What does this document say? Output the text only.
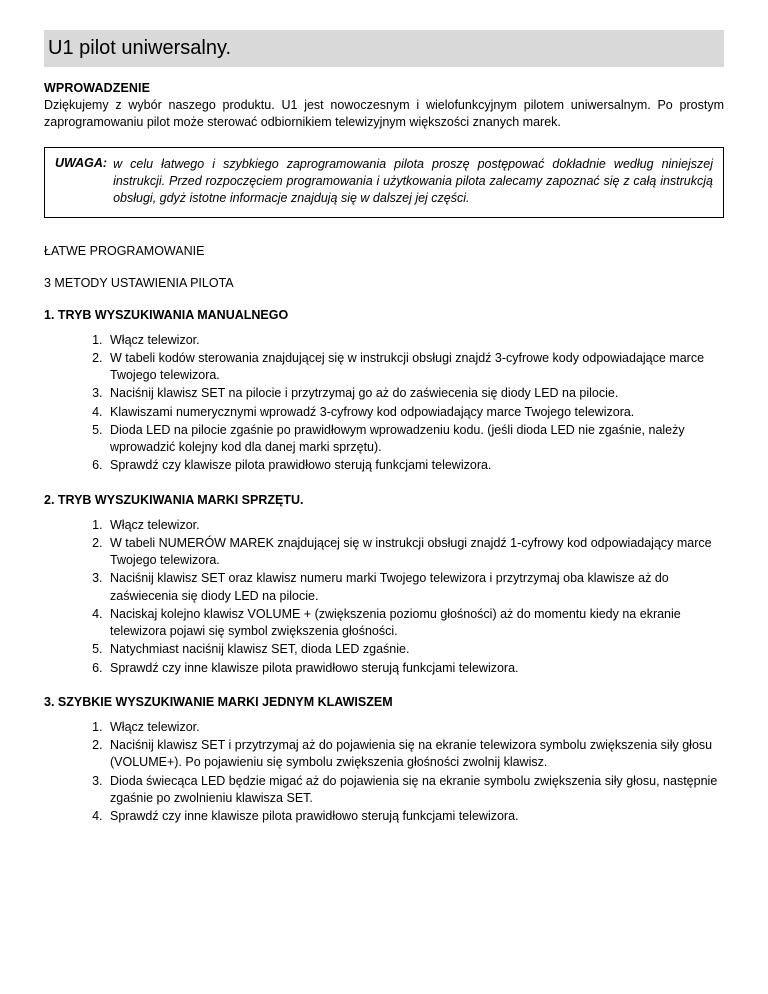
U1 pilot uniwersalny.
WPROWADZENIE

Dziękujemy z wybór naszego produktu. U1 jest nowoczesnym i wielofunkcyjnym pilotem uniwersalnym. Po prostym zaprogramowaniu pilot może sterować odbiornikiem telewizyjnym większości znanych marek.

UWAGA: w celu łatwego i szybkiego zaprogramowania pilota proszę postępować dokładnie według niniejszej instrukcji. Przed rozpoczęciem programowania i użytkowania pilota zalecamy zapoznać się z całą instrukcją obsługi, gdyż istotne informacje znajdują się w dalszej jej części.
ŁATWE PROGRAMOWANIE
3 METODY USTAWIENIA PILOTA
1. TRYB WYSZUKIWANIA MANUALNEGO
1. Włącz telewizor.
2. W tabeli kodów sterowania znajdującej się w instrukcji obsługi znajdź 3-cyfrowe kody odpowiadające marce Twojego telewizora.
3. Naciśnij klawisz SET na pilocie i przytrzymaj go aż do zaświecenia się diody LED na pilocie.
4. Klawiszami numerycznymi wprowadź 3-cyfrowy kod odpowiadający marce Twojego telewizora.
5. Dioda LED na pilocie zgaśnie po prawidłowym wprowadzeniu kodu. (jeśli dioda LED nie zgaśnie, należy wprowadzić kolejny kod dla danej marki sprzętu).
6. Sprawdź czy klawisze pilota prawidłowo sterują funkcjami telewizora.
2. TRYB WYSZUKIWANIA MARKI SPRZĘTU.
1. Włącz telewizor.
2. W tabeli NUMERÓW MAREK znajdującej się w instrukcji obsługi znajdź 1-cyfrowy kod odpowiadający marce Twojego telewizora.
3. Naciśnij klawisz SET oraz klawisz numeru marki Twojego telewizora i przytrzymaj oba klawisze aż do zaświecenia się diody LED na pilocie.
4. Naciskaj kolejno klawisz VOLUME + (zwiększenia poziomu głośności) aż do momentu kiedy na ekranie telewizora pojawi się symbol zwiększenia głośności.
5. Natychmiast naciśnij klawisz SET, dioda LED zgaśnie.
6. Sprawdź czy inne klawisze pilota prawidłowo sterują funkcjami telewizora.
3. SZYBKIE WYSZUKIWANIE MARKI JEDNYM KLAWISZEM
1. Włącz telewizor.
2. Naciśnij klawisz SET i przytrzymaj aż do pojawienia się na ekranie telewizora symbolu zwiększenia siły głosu (VOLUME+). Po pojawieniu się symbolu zwiększenia głośności zwolnij klawisz.
3. Dioda świecąca LED będzie migać aż do pojawienia się na ekranie symbolu zwiększenia siły głosu, następnie zgaśnie po zwolnieniu klawisza SET.
4. Sprawdź czy inne klawisze pilota prawidłowo sterują funkcjami telewizora.
